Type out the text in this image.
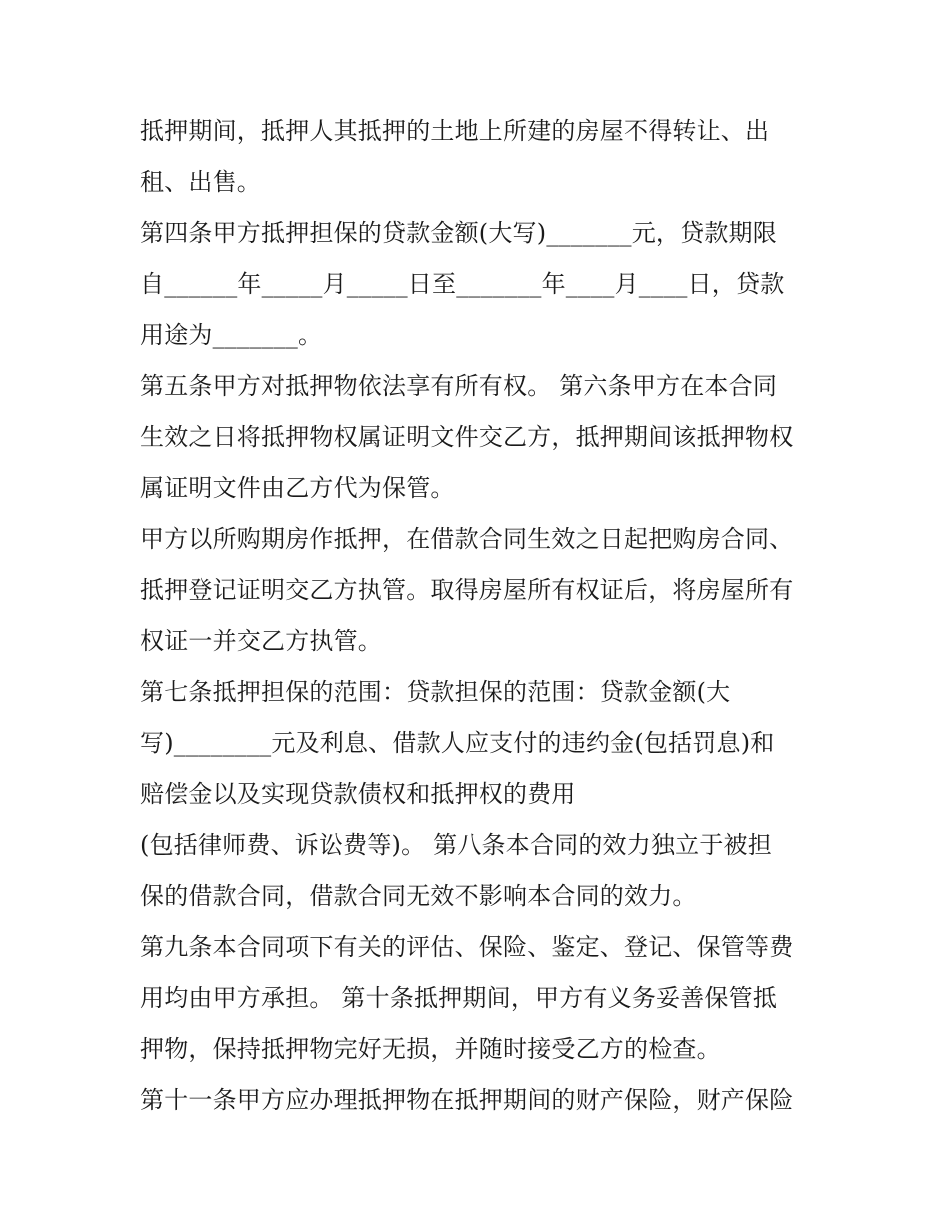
抵押期间，抵押人其抵押的土地上所建的房屋不得转让、出
租、出售。
第四条甲方抵押担保的贷款金额(大写)_______元，贷款期限
自______年_____月_____日至_______年____月____日，贷款
用途为_______。
第五条甲方对抵押物依法享有所有权。 第六条甲方在本合同
生效之日将抵押物权属证明文件交乙方，抵押期间该抵押物权
属证明文件由乙方代为保管。
甲方以所购期房作抵押，在借款合同生效之日起把购房合同、
抵押登记证明交乙方执管。取得房屋所有权证后，将房屋所有
权证一并交乙方执管。
第七条抵押担保的范围：贷款担保的范围：贷款金额(大
写)________元及利息、借款人应支付的违约金(包括罚息)和
赔偿金以及实现贷款债权和抵押权的费用
(包括律师费、诉讼费等)。 第八条本合同的效力独立于被担
保的借款合同，借款合同无效不影响本合同的效力。
第九条本合同项下有关的评估、保险、鉴定、登记、保管等费
用均由甲方承担。 第十条抵押期间，甲方有义务妥善保管抵
押物，保持抵押物完好无损，并随时接受乙方的检查。
第十一条甲方应办理抵押物在抵押期间的财产保险，财产保险
